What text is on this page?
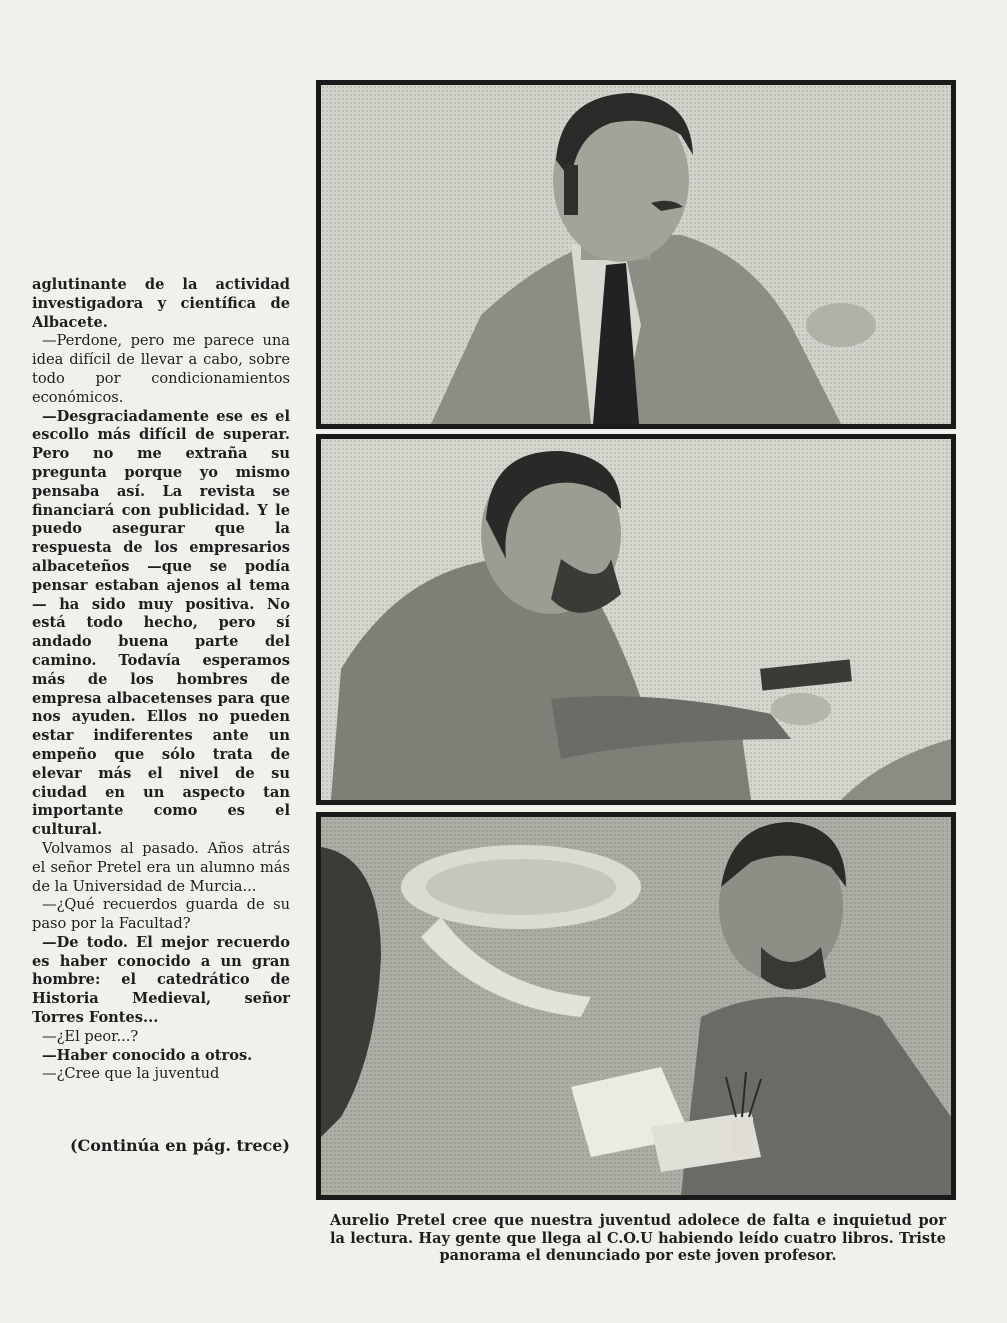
aglutinante de la actividad investigadora y científica de Albacete.

—Perdone, pero me parece una idea difícil de llevar a cabo, sobre todo por condicionamientos económicos.

—Desgraciadamente ese es el escollo más difícil de superar. Pero no me extraña su pregunta porque yo mismo pensaba así. La revista se financiará con publicidad. Y le puedo asegurar que la respuesta de los empresarios albaceteños —que se podía pensar estaban ajenos al tema— ha sido muy positiva. No está todo hecho, pero sí andado buena parte del camino. Todavía esperamos más de los hombres de empresa albacetenses para que nos ayuden. Ellos no pueden estar indiferentes ante un empeño que sólo trata de elevar más el nivel de su ciudad en un aspecto tan importante como es el cultural.

Volvamos al pasado. Años atrás el señor Pretel era un alumno más de la Universidad de Murcia...

—¿Qué recuerdos guarda de su paso por la Facultad?

—De todo. El mejor recuerdo es haber conocido a un gran hombre: el catedrático de Historia Medieval, señor Torres Fontes...

—¿El peor...?

—Haber conocido a otros.

—¿Cree que la juventud

(Continúa en pág. trece)
Aurelio Pretel cree que nuestra juventud adolece de falta e inquietud por la lectura. Hay gente que llega al C.O.U habiendo leído cuatro libros. Triste panorama el denunciado por este joven profesor.
